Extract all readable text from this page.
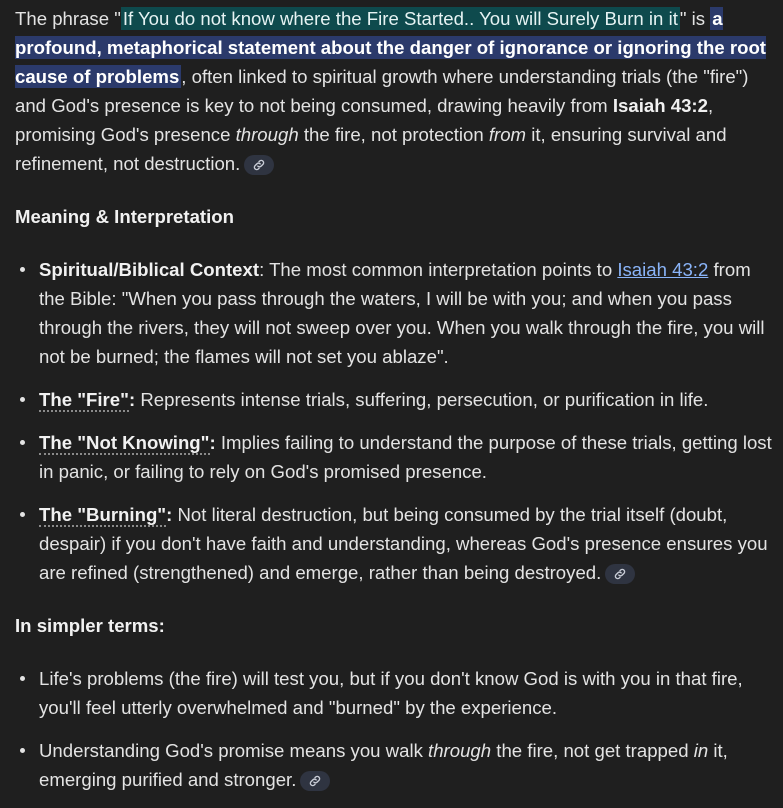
The phrase " If You do not know where the Fire Started.. You will Surely Burn in it " is a profound, metaphorical statement about the danger of ignorance or ignoring the root cause of problems , often linked to spiritual growth where understanding trials (the "fire") and God's presence is key to not being consumed, drawing heavily from Isaiah 43:2, promising God's presence through the fire, not protection from it, ensuring survival and refinement, not destruction.

Meaning & Interpretation
Spiritual/Biblical Context: The most common interpretation points to Isaiah 43:2 from the Bible: "When you pass through the waters, I will be with you; and when you pass through the rivers, they will not sweep over you. When you walk through the fire, you will not be burned; the flames will not set you ablaze".
The "Fire": Represents intense trials, suffering, persecution, or purification in life.
The "Not Knowing": Implies failing to understand the purpose of these trials, getting lost in panic, or failing to rely on God's promised presence.
The "Burning": Not literal destruction, but being consumed by the trial itself (doubt, despair) if you don't have faith and understanding, whereas God's presence ensures you are refined (strengthened) and emerge, rather than being destroyed.
In simpler terms:
Life's problems (the fire) will test you, but if you don't know God is with you in that fire, you'll feel utterly overwhelmed and "burned" by the experience.
Understanding God's promise means you walk through the fire, not get trapped in it, emerging purified and stronger.
